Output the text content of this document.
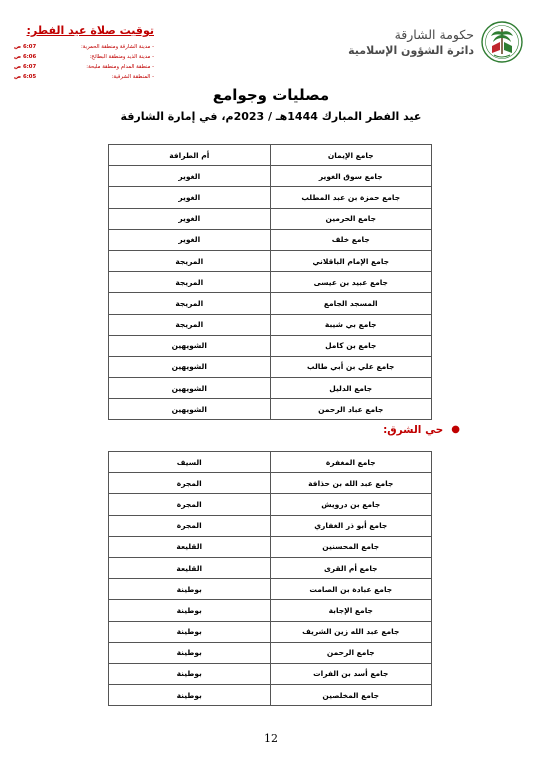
توقيت صلاة عيد الفطر:
- مدينة الشارقة ومنطقة الحمرية:
6:07 ص
- مدينة الذيد ومنطقة البطائح:
6:06 ص
- منطقة المدام ومنطقة مليحة:
6:07 ص
- المنطقة الشرقية:
6:05 ص
حكومة الشارقة
دائرة الشؤون الإسلامية
مصليات وجوامع
عيد الفطر المبارك 1444هـ / 2023م، في إمارة الشارقة
جامع الإيمان	أم الطرافة
جامع سوق الغوير	الغوير
جامع حمزة بن عبد المطلب	الغوير
جامع الحرمين	الغوير
جامع خلف	الغوير
جامع الإمام الباقلاني	المريجة
جامع عبيد بن عيسى	المريجة
المسجد الجامع	المريجة
جامع بي شيبة	المريجة
جامع بن كامل	الشويهين
جامع علي بن أبي طالب	الشويهين
جامع الدليل	الشويهين
جامع عباد الرحمن	الشويهين
●
حي الشرق:
جامع المغفرة	السيف
جامع عبد الله بن حذافة	المجرة
جامع بن درويش	المجرة
جامع أبو ذر الغفاري	المجرة
جامع المحسنين	القليعة
جامع أم القرى	القليعة
جامع عبادة بن الصامت	بوطينة
جامع الإجابة	بوطينة
جامع عبد الله زين الشريف	بوطينة
جامع الرحمن	بوطينة
جامع أسد بن الفرات	بوطينة
جامع المخلصين	بوطينة
12
